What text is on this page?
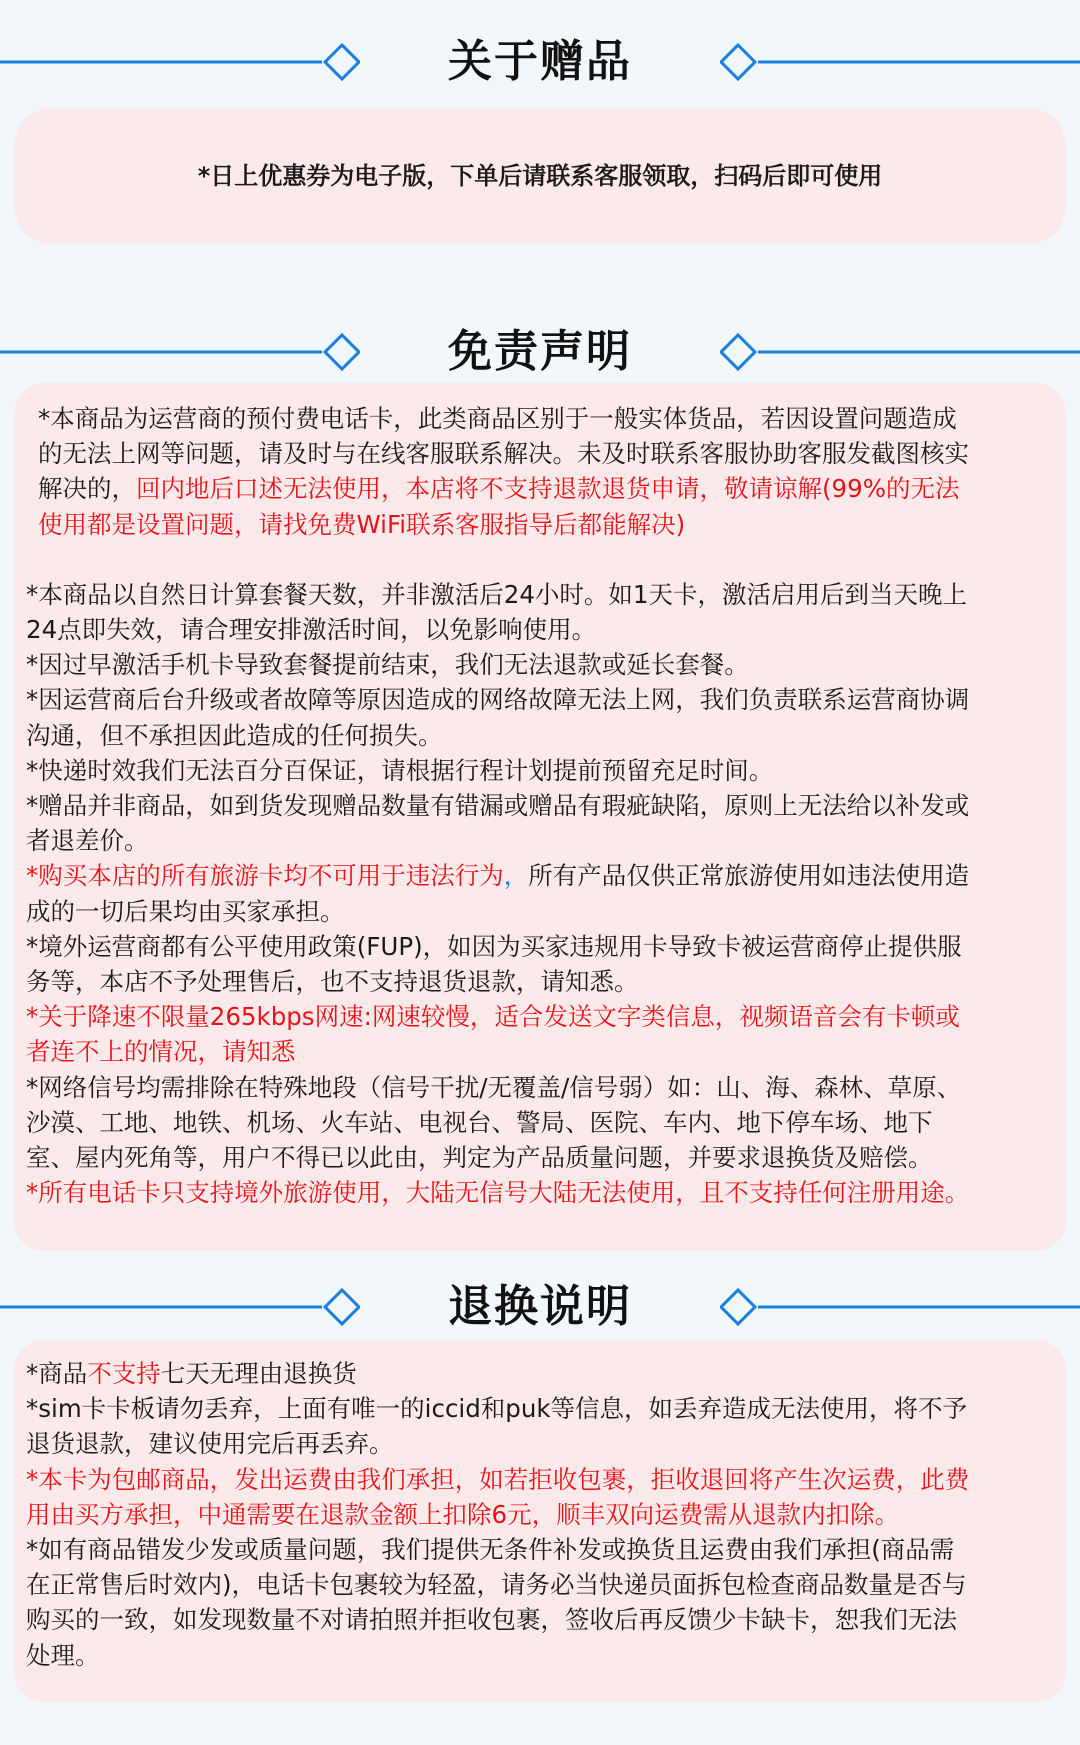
关于赠品
*日上优惠券为电子版，下单后请联系客服领取，扫码后即可使用
免责声明
*本商品为运营商的预付费电话卡，此类商品区别于一般实体货品，若因设置问题造成
的无法上网等问题，请及时与在线客服联系解决。未及时联系客服协助客服发截图核实
解决的，回内地后口述无法使用，本店将不支持退款退货申请，敬请谅解(99%的无法
使用都是设置问题，请找免费WiFi联系客服指导后都能解决)
*本商品以自然日计算套餐天数，并非激活后24小时。如1天卡，激活启用后到当天晚上
24点即失效，请合理安排激活时间，以免影响使用。
*因过早激活手机卡导致套餐提前结束，我们无法退款或延长套餐。
*因运营商后台升级或者故障等原因造成的网络故障无法上网，我们负责联系运营商协调
沟通，但不承担因此造成的任何损失。
*快递时效我们无法百分百保证，请根据行程计划提前预留充足时间。
*赠品并非商品，如到货发现赠品数量有错漏或赠品有瑕疵缺陷，原则上无法给以补发或
者退差价。
*购买本店的所有旅游卡均不可用于违法行为，所有产品仅供正常旅游使用如违法使用造
成的一切后果均由买家承担。
*境外运营商都有公平使用政策(FUP)，如因为买家违规用卡导致卡被运营商停止提供服
务等，本店不予处理售后，也不支持退货退款，请知悉。
*关于降速不限量265kbps网速:网速较慢，适合发送文字类信息，视频语音会有卡顿或
者连不上的情况，请知悉
*网络信号均需排除在特殊地段（信号干扰/无覆盖/信号弱）如：山、海、森林、草原、
沙漠、工地、地铁、机场、火车站、电视台、警局、医院、车内、地下停车场、地下
室、屋内死角等，用户不得已以此由，判定为产品质量问题，并要求退换货及赔偿。
*所有电话卡只支持境外旅游使用，大陆无信号大陆无法使用，且不支持任何注册用途。
退换说明
*商品不支持七天无理由退换货
*sim卡卡板请勿丢弃，上面有唯一的iccid和puk等信息，如丢弃造成无法使用，将不予
退货退款，建议使用完后再丢弃。
*本卡为包邮商品，发出运费由我们承担，如若拒收包裹，拒收退回将产生次运费，此费
用由买方承担，中通需要在退款金额上扣除6元，顺丰双向运费需从退款内扣除。
*如有商品错发少发或质量问题，我们提供无条件补发或换货且运费由我们承担(商品需
在正常售后时效内)，电话卡包裹较为轻盈，请务必当快递员面拆包检查商品数量是否与
购买的一致，如发现数量不对请拍照并拒收包裹，签收后再反馈少卡缺卡，恕我们无法
处理。
